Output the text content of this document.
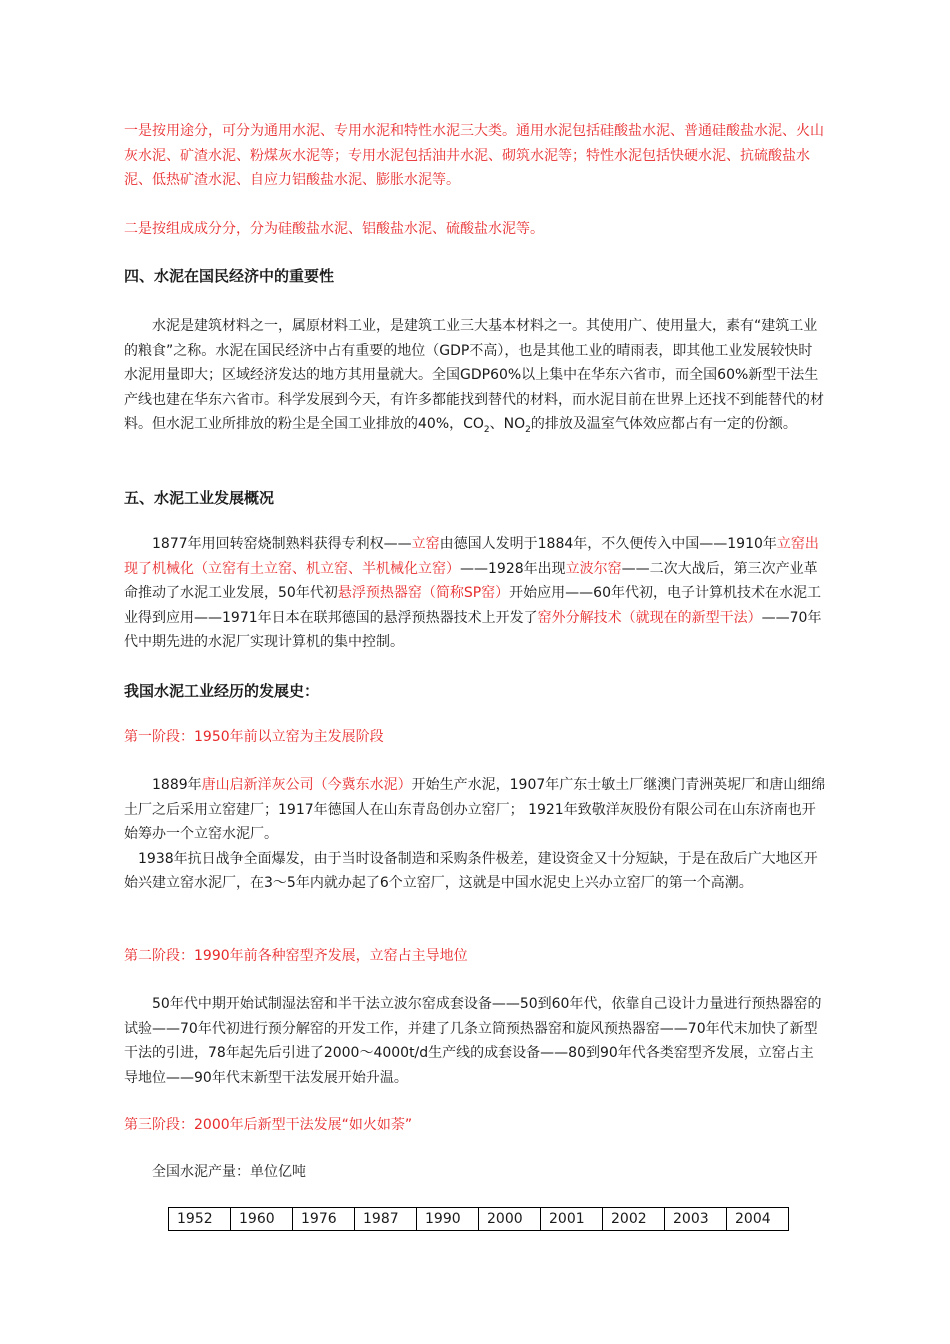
一是按用途分，可分为通用水泥、专用水泥和特性水泥三大类。通用水泥包括硅酸盐水泥、普通硅酸盐水泥、火山灰水泥、矿渣水泥、粉煤灰水泥等；专用水泥包括油井水泥、砌筑水泥等；特性水泥包括快硬水泥、抗硫酸盐水泥、低热矿渣水泥、自应力铝酸盐水泥、膨胀水泥等。

二是按组成成分分，分为硅酸盐水泥、铝酸盐水泥、硫酸盐水泥等。

四、水泥在国民经济中的重要性

水泥是建筑材料之一，属原材料工业，是建筑工业三大基本材料之一。其使用广、使用量大，素有“建筑工业的粮食”之称。水泥在国民经济中占有重要的地位（GDP不高），也是其他工业的晴雨表，即其他工业发展较快时水泥用量即大；区域经济发达的地方其用量就大。全国GDP60%以上集中在华东六省市，而全国60%新型干法生产线也建在华东六省市。科学发展到今天，有许多都能找到替代的材料，而水泥目前在世界上还找不到能替代的材料。但水泥工业所排放的粉尘是全国工业排放的40%，$CO_2$、$NO_2$的排放及温室气体效应都占有一定的份额。

五、水泥工业发展概况

1877年用回转窑烧制熟料获得专利权——立窑由德国人发明于1884年，不久便传入中国——1910年立窑出现了机械化（立窑有土立窑、机立窑、半机械化立窑）——1928年出现立波尔窑——二次大战后，第三次产业革命推动了水泥工业发展，50年代初悬浮预热器窑（简称SP窑）开始应用——60年代初，电子计算机技术在水泥工业得到应用——1971年日本在联邦德国的悬浮预热器技术上开发了窑外分解技术（就现在的新型干法）——70年代中期先进的水泥厂实现计算机的集中控制。

我国水泥工业经历的发展史：

第一阶段：1950年前以立窑为主发展阶段

1889年唐山启新洋灰公司（今冀东水泥）开始生产水泥，1907年广东士敏土厂继澳门青洲英坭厂和唐山细绵土厂之后采用立窑建厂；1917年德国人在山东青岛创办立窑厂； 1921年致敬洋灰股份有限公司在山东济南也开始筹办一个立窑水泥厂。

1938年抗日战争全面爆发，由于当时设备制造和采购条件极差，建设资金又十分短缺，于是在敌后广大地区开始兴建立窑水泥厂，在3～5年内就办起了6个立窑厂，这就是中国水泥史上兴办立窑厂的第一个高潮。

第二阶段：1990年前各种窑型齐发展，立窑占主导地位

50年代中期开始试制湿法窑和半干法立波尔窑成套设备——50到60年代，依靠自己设计力量进行预热器窑的试验——70年代初进行预分解窑的开发工作，并建了几条立筒预热器窑和旋风预热器窑——70年代末加快了新型干法的引进，78年起先后引进了2000～4000t/d生产线的成套设备——80到90年代各类窑型齐发展，立窑占主导地位——90年代末新型干法发展开始升温。

第三阶段：2000年后新型干法发展“如火如荼”

全国水泥产量：单位亿吨

1952	1960	1976	1987	1990	2000	2001	2002	2003	2004
